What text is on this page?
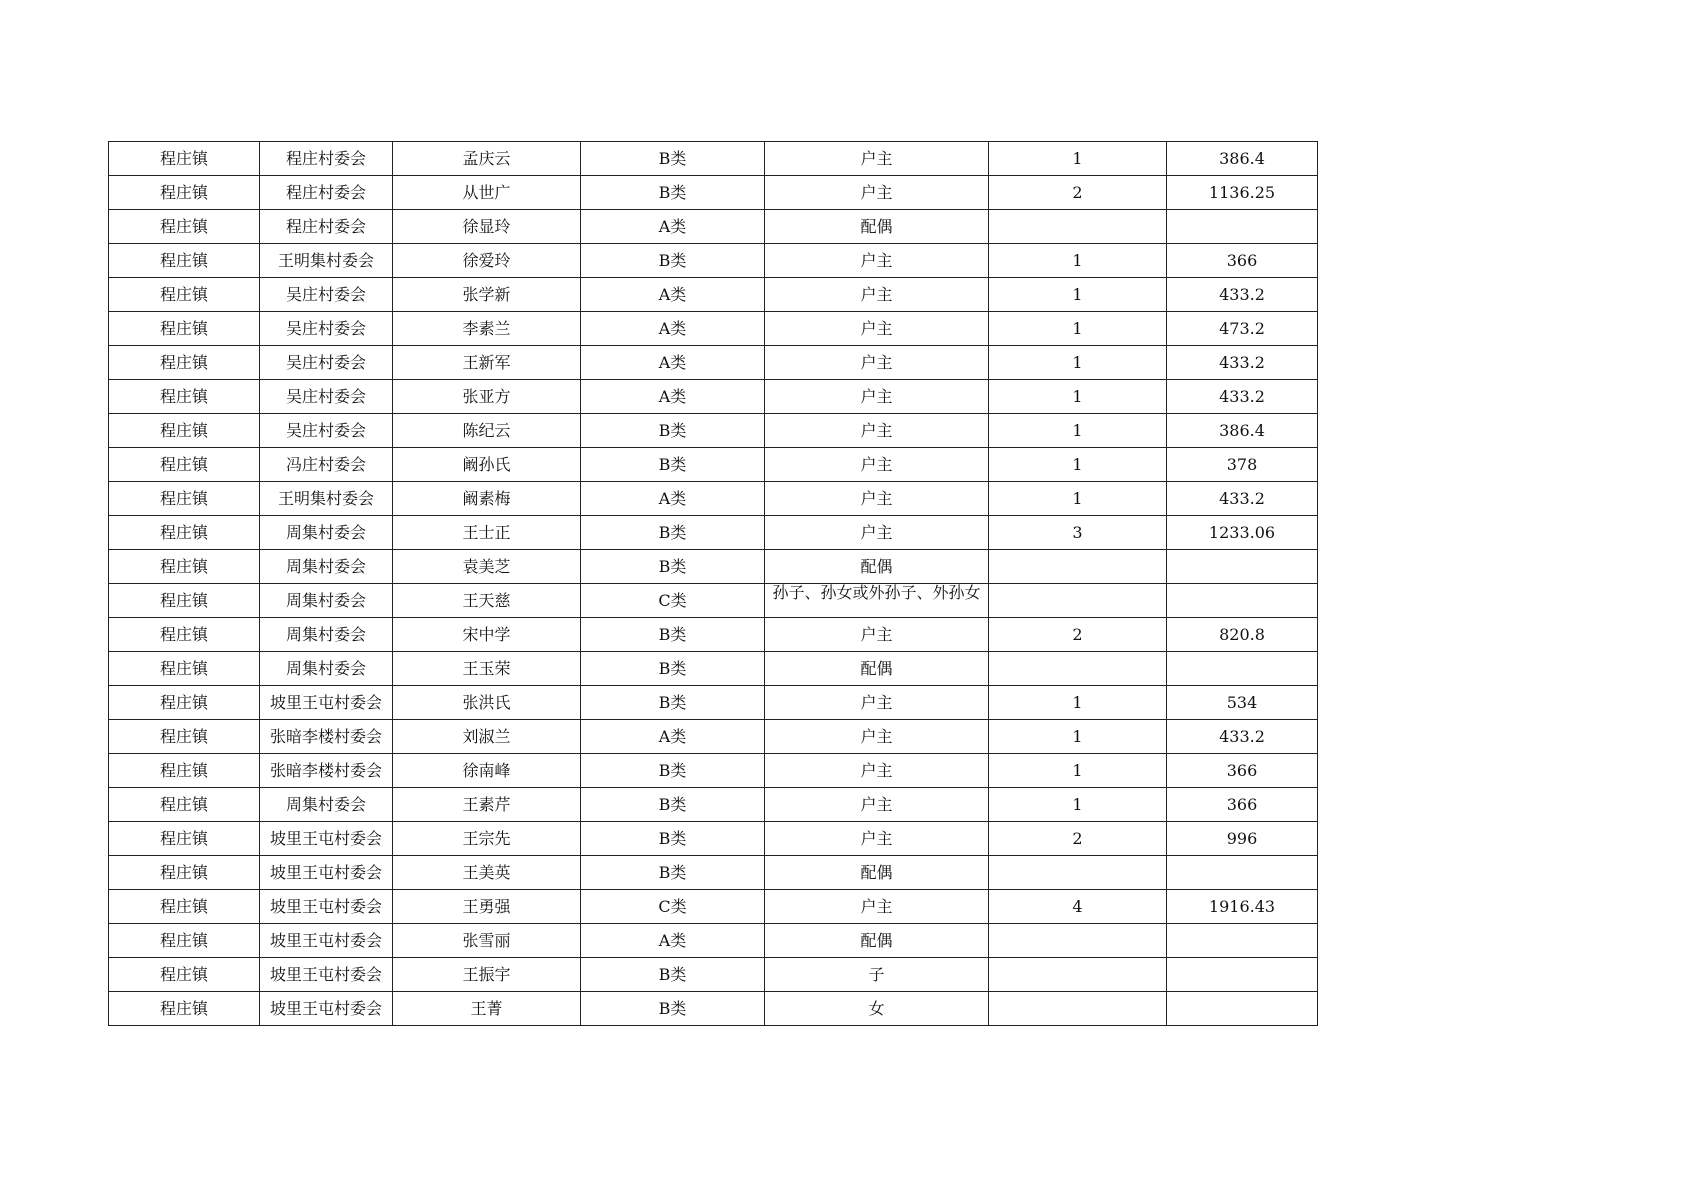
程庄镇	程庄村委会	孟庆云	B类	户主	1	386.4
程庄镇	程庄村委会	从世广	B类	户主	2	1136.25
程庄镇	程庄村委会	徐显玲	A类	配偶		
程庄镇	王明集村委会	徐爱玲	B类	户主	1	366
程庄镇	吴庄村委会	张学新	A类	户主	1	433.2
程庄镇	吴庄村委会	李素兰	A类	户主	1	473.2
程庄镇	吴庄村委会	王新军	A类	户主	1	433.2
程庄镇	吴庄村委会	张亚方	A类	户主	1	433.2
程庄镇	吴庄村委会	陈纪云	B类	户主	1	386.4
程庄镇	冯庄村委会	阚孙氏	B类	户主	1	378
程庄镇	王明集村委会	阚素梅	A类	户主	1	433.2
程庄镇	周集村委会	王士正	B类	户主	3	1233.06
程庄镇	周集村委会	袁美芝	B类	配偶		
程庄镇	周集村委会	王天慈	C类	孙子、孙女或外孙子、外孙女		

程庄镇	周集村委会	宋中学	B类	户主	2	820.8
程庄镇	周集村委会	王玉荣	B类	配偶		
程庄镇	坡里王屯村委会	张洪氏	B类	户主	1	534
程庄镇	张暗李楼村委会	刘淑兰	A类	户主	1	433.2
程庄镇	张暗李楼村委会	徐南峰	B类	户主	1	366
程庄镇	周集村委会	王素芹	B类	户主	1	366
程庄镇	坡里王屯村委会	王宗先	B类	户主	2	996
程庄镇	坡里王屯村委会	王美英	B类	配偶		
程庄镇	坡里王屯村委会	王勇强	C类	户主	4	1916.43
程庄镇	坡里王屯村委会	张雪丽	A类	配偶		
程庄镇	坡里王屯村委会	王振宇	B类	子		
程庄镇	坡里王屯村委会	王菁	B类	女		
